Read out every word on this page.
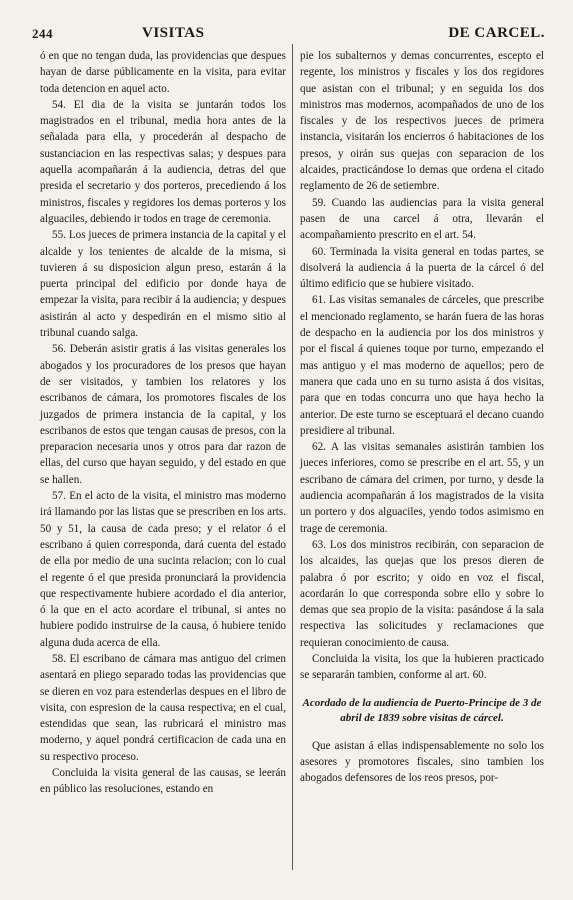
244	VISITAS	DE CARCEL.

ó en que no tengan duda, las providencias que despues hayan de darse públicamente en la visita, para evitar toda detencion en aquel acto.

54. El dia de la visita se juntarán todos los magistrados en el tribunal, media hora antes de la señalada para ella, y procederán al despacho de sustanciacion en las respectivas salas; y despues para aquella acompañarán á la audiencia, detras del que presida el secretario y dos porteros, precediendo á los ministros, fiscales y regidores los demas porteros y los alguaciles, debiendo ir todos en trage de ceremonia.

55. Los jueces de primera instancia de la capital y el alcalde y los tenientes de alcalde de la misma, si tuvieren á su disposicion algun preso, estarán á la puerta principal del edificio por donde haya de empezar la visita, para recibir á la audiencia; y despues asistirán al acto y despedirán en el mismo sitio al tribunal cuando salga.

56. Deberán asistir gratis á las visitas generales los abogados y los procuradores de los presos que hayan de ser visitados, y tambien los relatores y los escribanos de cámara, los promotores fiscales de los juzgados de primera instancia de la capital, y los escribanos de estos que tengan causas de presos, con la preparacion necesaria unos y otros para dar razon de ellas, del curso que hayan seguido, y del estado en que se hallen.

57. En el acto de la visita, el ministro mas moderno irá llamando por las listas que se prescriben en los arts. 50 y 51, la causa de cada preso; y el relator ó el escribano á quien corresponda, dará cuenta del estado de ella por medio de una sucinta relacion; con lo cual el regente ó el que presida pronunciará la providencia que respectivamente hubiere acordado el dia anterior, ó la que en el acto acordare el tribunal, si antes no hubiere podido instruirse de la causa, ó hubiere tenido alguna duda acerca de ella.

58. El escribano de cámara mas antiguo del crimen asentará en pliego separado todas las providencias que se dieren en voz para estenderlas despues en el libro de visita, con espresion de la causa respectiva; en el cual, estendidas que sean, las rubricará el ministro mas moderno, y aquel pondrá certificacion de cada una en su respectivo proceso.

Concluida la visita general de las causas, se leerán en público las resoluciones, estando en

pie los subalternos y demas concurrentes, escepto el regente, los ministros y fiscales y los dos regidores que asistan con el tribunal; y en seguida los dos ministros mas modernos, acompañados de uno de los fiscales y de los respectivos jueces de primera instancia, visitarán los encierros ó habitaciones de los presos, y oirán sus quejas con separacion de los alcaides, practicándose lo demas que ordena el citado reglamento de 26 de setiembre.

59. Cuando las audiencias para la visita general pasen de una carcel á otra, llevarán el acompañamiento prescrito en el art. 54.

60. Terminada la visita general en todas partes, se disolverá la audiencia á la puerta de la cárcel ó del último edificio que se hubiere visitado.

61. Las visitas semanales de cárceles, que prescribe el mencionado reglamento, se harán fuera de las horas de despacho en la audiencia por los dos ministros y por el fiscal á quienes toque por turno, empezando el mas antiguo y el mas moderno de aquellos; pero de manera que cada uno en su turno asista á dos visitas, para que en todas concurra uno que haya hecho la anterior. De este turno se esceptuará el decano cuando presidiere al tribunal.

62. A las visitas semanales asistirán tambien los jueces inferiores, como se prescribe en el art. 55, y un escribano de cámara del crimen, por turno, y desde la audiencia acompañarán á los magistrados de la visita un portero y dos alguaciles, yendo todos asimismo en trage de ceremonia.

63. Los dos ministros recibirán, con separacion de los alcaides, las quejas que los presos dieren de palabra ó por escrito; y oido en voz el fiscal, acordarán lo que corresponda sobre ello y sobre lo demas que sea propio de la visita: pasándose á la sala respectiva las solicitudes y reclamaciones que requieran conocimiento de causa.

Concluida la visita, los que la hubieren practicado se separarán tambien, conforme al art. 60.

Acordado de la audiencia de Puerto-Principe de 3 de abril de 1839 sobre visitas de cárcel.

Que asistan á ellas indispensablemente no solo los asesores y promotores fiscales, sino tambien los abogados defensores de los reos presos, por-
